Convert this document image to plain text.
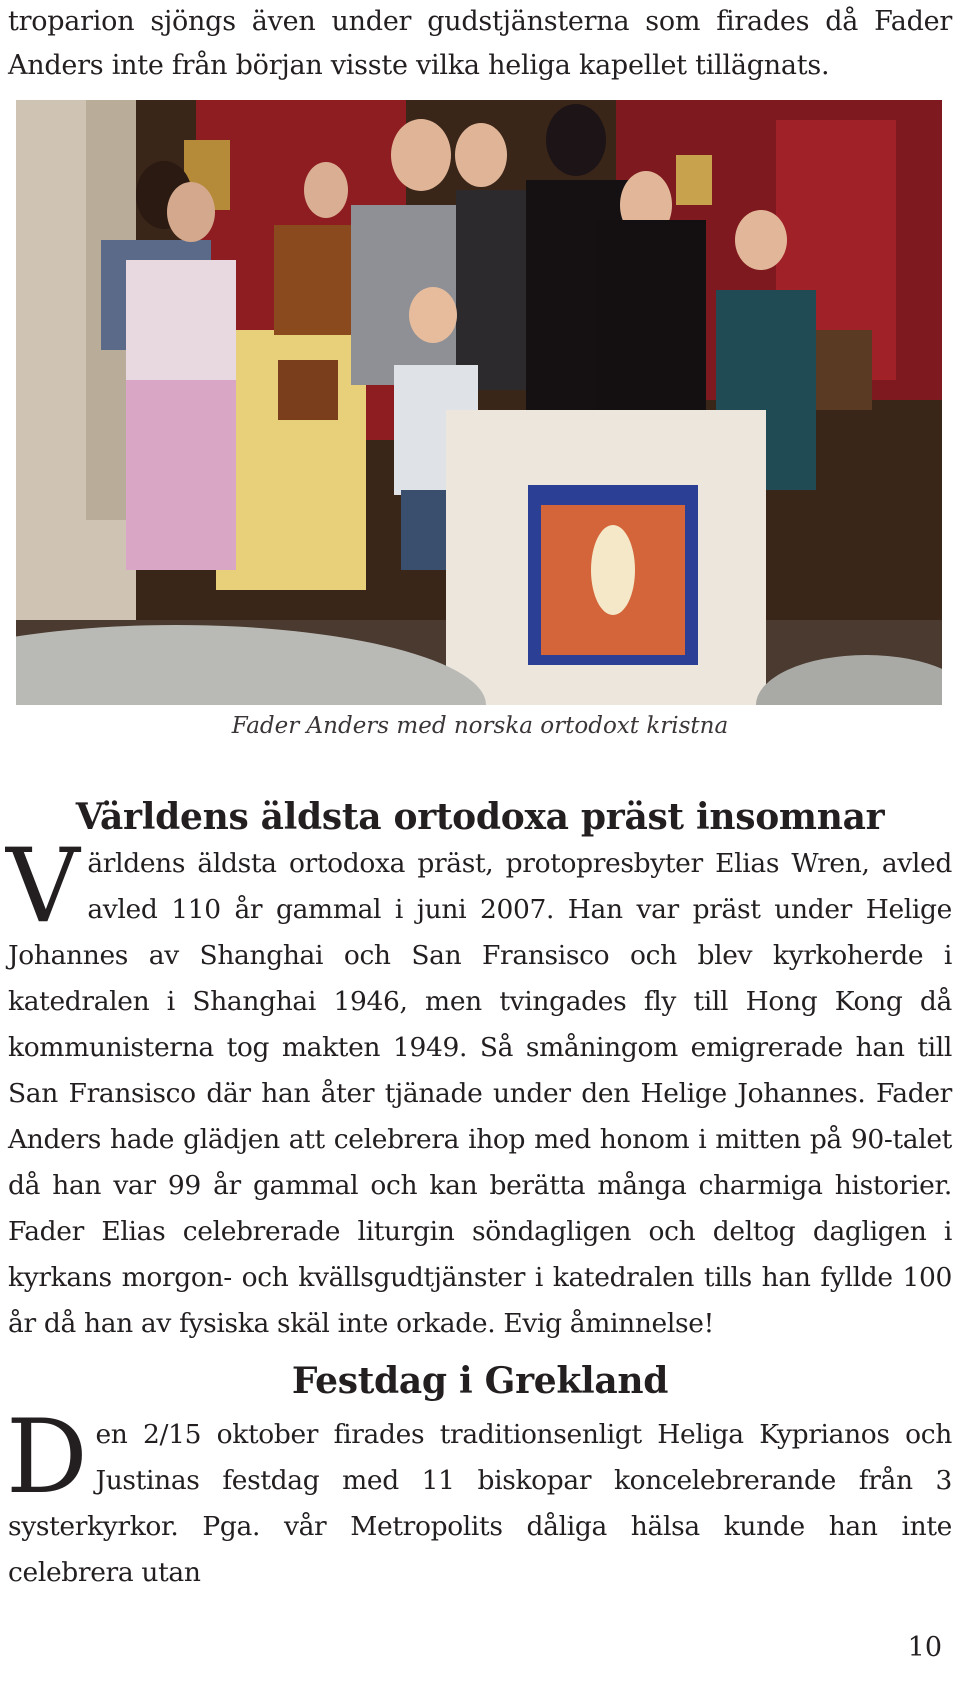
troparion sjöngs även under gudstjänsterna som firades då Fader Anders inte från början visste vilka heliga kapellet tillägnats.
Fader Anders med norska ortodoxt kristna
Världens äldsta ortodoxa präst insomnar
Världens äldsta ortodoxa präst, protopresbyter Elias Wren, avled avled 110 år gammal i juni 2007. Han var präst under Helige Johannes av Shanghai och San Fransisco och blev kyrkoherde i katedralen i Shanghai 1946, men tvingades fly till Hong Kong då kommunisterna tog makten 1949. Så småningom emigrerade han till San Fransisco där han åter tjänade under den Helige Johannes. Fader Anders hade glädjen att celebrera ihop med honom i mitten på 90-talet då han var 99 år gammal och kan berätta många charmiga historier. Fader Elias celebrerade liturgin söndagligen och deltog dagligen i kyrkans morgon- och kvällsgudtjänster i katedralen tills han fyllde 100 år då han av fysiska skäl inte orkade. Evig åminnelse!
Festdag i Grekland
Den 2/15 oktober firades traditionsenligt Heliga Kyprianos och Justinas festdag med 11 biskopar koncelebrerande från 3 systerkyrkor. Pga. vår Metropolits dåliga hälsa kunde han inte celebrera utan
10
